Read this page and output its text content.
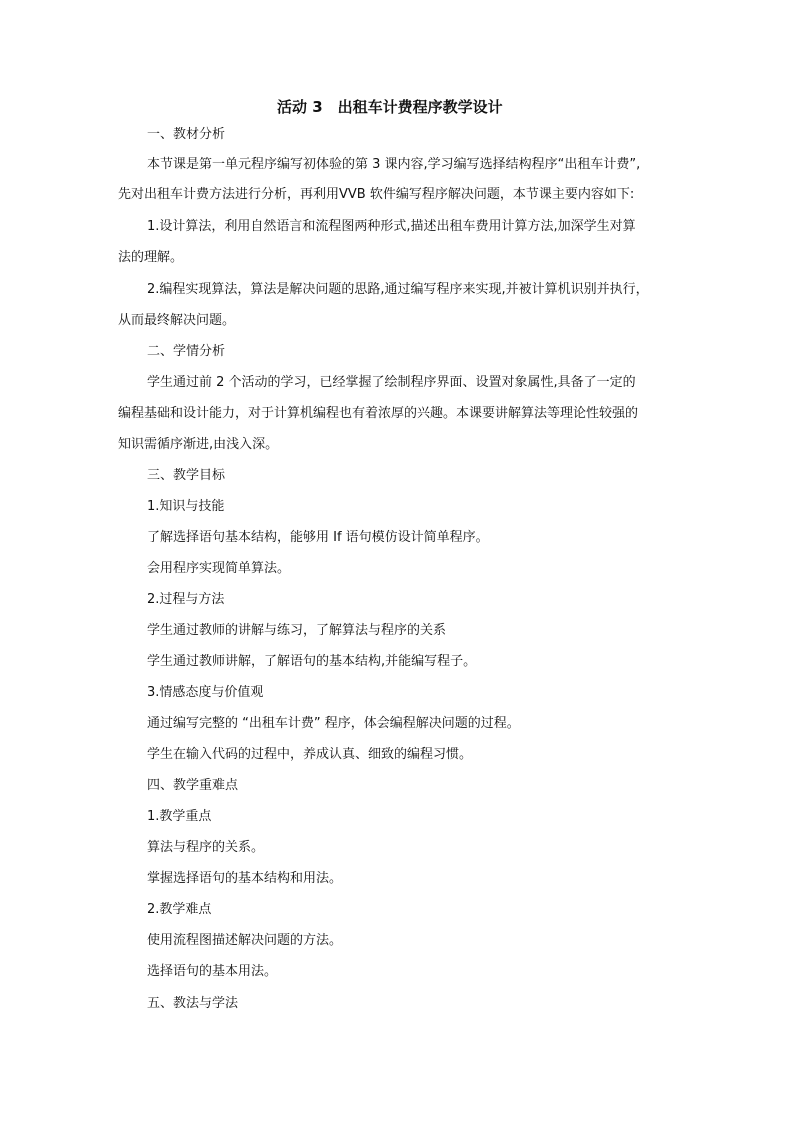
活动 3　出租车计费程序教学设计
一、教材分析
本节课是第一单元程序编写初体验的第 3 课内容,学习编写选择结构程序“出租车计费”,
先对出租车计费方法进行分析，再利用VVB 软件编写程序解决问题，本节课主要内容如下:
1.设计算法，利用自然语言和流程图两种形式,描述出租车费用计算方法,加深学生对算
法的理解。
2.编程实现算法，算法是解决问题的思路,通过编写程序来实现,并被计算机识别并执行，
从而最终解决问题。
二、学情分析
学生通过前 2 个活动的学习，已经掌握了绘制程序界面、设置对象属性,具备了一定的
编程基础和设计能力，对于计算机编程也有着浓厚的兴趣。本课要讲解算法等理论性较强的
知识需循序渐进,由浅入深。
三、教学目标
1.知识与技能
了解选择语句基本结构，能够用 If 语句模仿设计简单程序。
会用程序实现简单算法。
2.过程与方法
学生通过教师的讲解与练习，了解算法与程序的关系
学生通过教师讲解，了解语句的基本结构,并能编写程子。
3.情感态度与价值观
通过编写完整的 “出租车计费” 程序，体会编程解决问题的过程。
学生在输入代码的过程中，养成认真、细致的编程习惯。
四、教学重难点
1.教学重点
算法与程序的关系。
掌握选择语句的基本结构和用法。
2.教学难点
使用流程图描述解决问题的方法。
选择语句的基本用法。
五、教法与学法
